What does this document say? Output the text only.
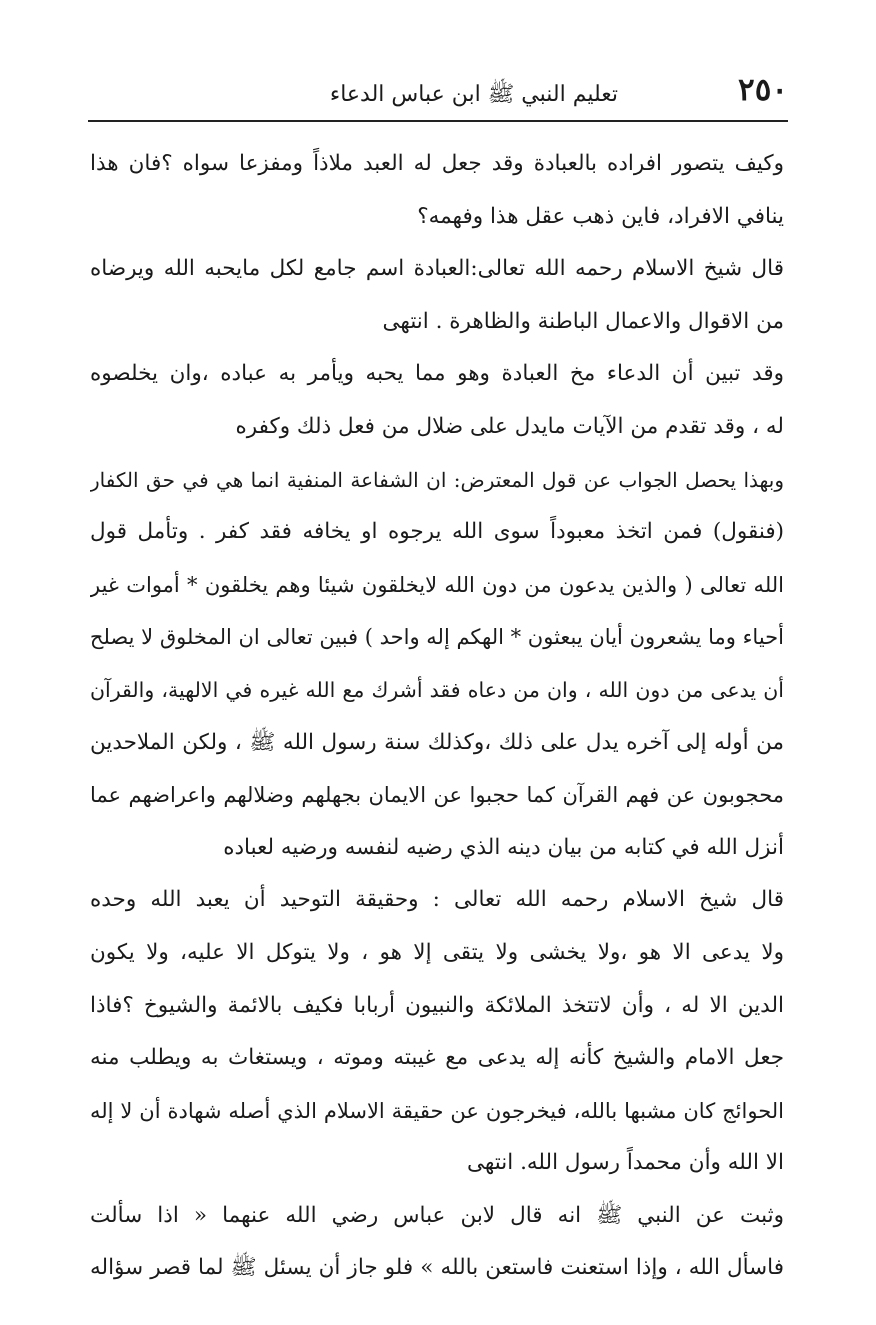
٢٥٠
تعليم النبي ﷺ ابن عباس الدعاء
وكيف يتصور افراده بالعبادة وقد جعل له العبد ملاذاً ومفزعا سواه ؟فان هذا
ينافي الافراد، فاين ذهب عقل هذا وفهمه؟
قال شيخ الاسلام رحمه الله تعالى:العبادة اسم جامع لكل مايحبه الله ويرضاه
من الاقوال والاعمال الباطنة والظاهرة . انتهى
وقد تبين أن الدعاء مخ العبادة وهو مما يحبه ويأمر به عباده ،وان يخلصوه
له ، وقد تقدم من الآيات مايدل على ضلال من فعل ذلك وكفره
وبهذا يحصل الجواب عن قول المعترض: ان الشفاعة المنفية انما هي في حق الكفار
(فنقول) فمن اتخذ معبوداً سوى الله يرجوه او يخافه فقد كفر . وتأمل قول
الله تعالى ( والذين يدعون من دون الله لايخلقون شيئا وهم يخلقون * أموات غير
أحياء وما يشعرون أيان يبعثون * الهكم إله واحد ) فبين تعالى ان المخلوق لا يصلح
أن يدعى من دون الله ، وان من دعاه فقد أشرك مع الله غيره في الالهية، والقرآن
من أوله إلى آخره يدل على ذلك ،وكذلك سنة رسول الله ﷺ ، ولكن الملاحدين
محجوبون عن فهم القرآن كما حجبوا عن الايمان بجهلهم وضلالهم واعراضهم عما
أنزل الله في كتابه من بيان دينه الذي رضيه لنفسه ورضيه لعباده
قال شيخ الاسلام رحمه الله تعالى : وحقيقة التوحيد أن يعبد الله وحده
ولا يدعى الا هو ،ولا يخشى ولا يتقى إلا هو ، ولا يتوكل الا عليه، ولا يكون
الدين الا له ، وأن لاتتخذ الملائكة والنبيون أربابا فكيف بالائمة والشيوخ ؟فاذا
جعل الامام والشيخ كأنه إله يدعى مع غيبته وموته ، ويستغاث به ويطلب منه
الحوائج كان مشبها بالله، فيخرجون عن حقيقة الاسلام الذي أصله شهادة أن لا إله
الا الله وأن محمداً رسول الله. انتهى
وثبت عن النبي ﷺ انه قال لابن عباس رضي الله عنهما « اذا سألت
فاسأل الله ، وإذا استعنت فاستعن بالله » فلو جاز أن يسئل ﷺ لما قصر سؤاله
